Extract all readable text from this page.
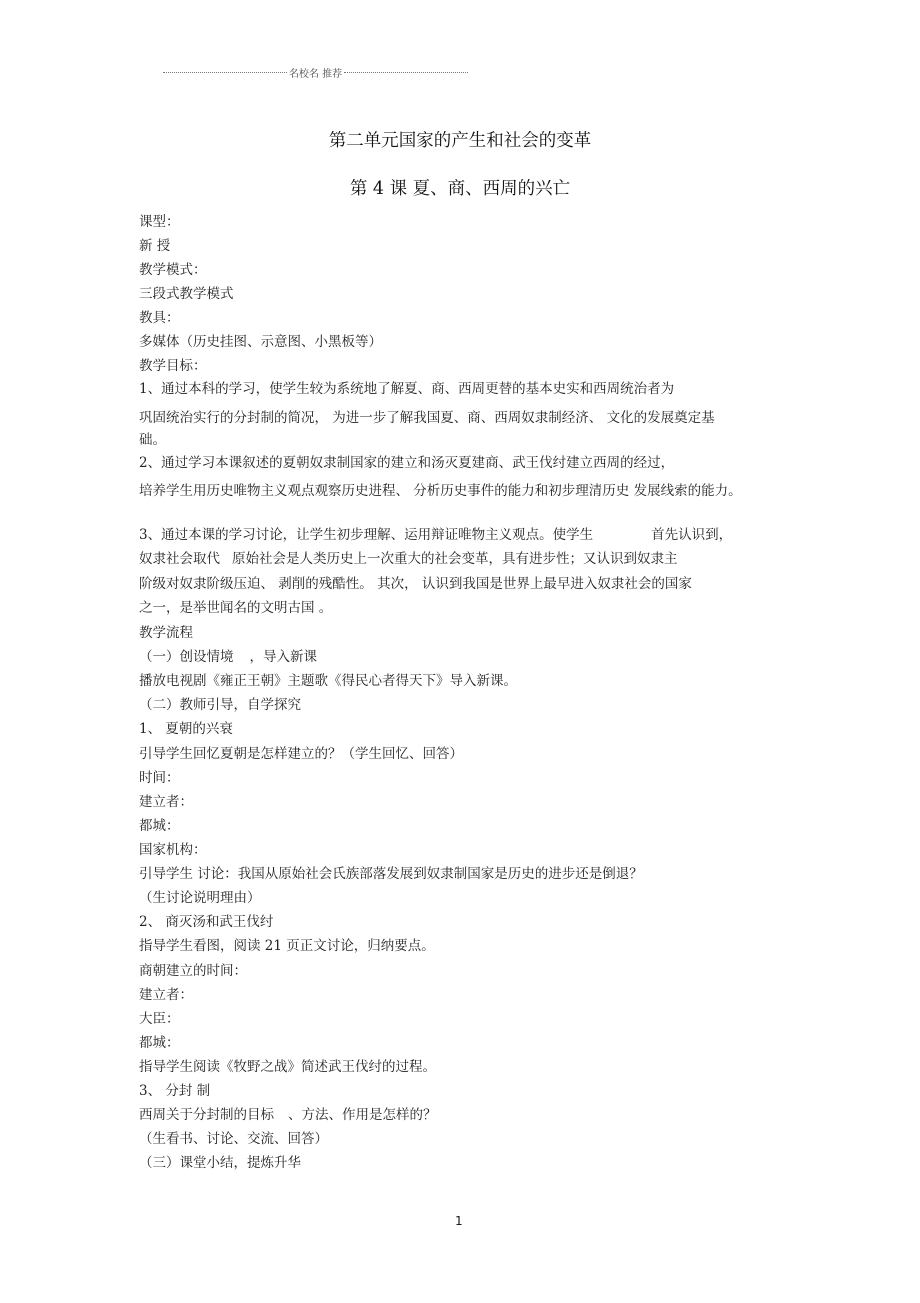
名校名 推荐
第二单元国家的产生和社会的变革
第 4 课 夏、商、西周的兴亡
课型：
新 授
教学模式：
三段式教学模式
教具：
多媒体（历史挂图、示意图、小黑板等）
教学目标：
1、通过本科的学习，使学生较为系统地了解夏、商、西周更替的基本史实和西周统治者为
巩固统治实行的分封制的简况， 为进一步了解我国夏、商、西周奴隶制经济、 文化的发展奠定基
础。
2、通过学习本课叙述的夏朝奴隶制国家的建立和汤灭夏建商、武王伐纣建立西周的经过，
培养学生用历史唯物主义观点观察历史进程、 分析历史事件的能力和初步理清历史 发展线索的能力。
3、通过本课的学习讨论，让学生初步理解、运用辩证唯物主义观点。使学生	首先认识到，
奴隶社会取代 原始社会是人类历史上一次重大的社会变革，具有进步性；又认识到奴隶主
阶级对奴隶阶级压迫、 剥削的残酷性。 其次， 认识到我国是世界上最早进入奴隶社会的国家
之一，是举世闻名的文明古国 。
教学流程
（一）创设情境 ，导入新课
播放电视剧《雍正王朝》主题歌《得民心者得天下》导入新课。
（二）教师引导，自学探究
1、 夏朝的兴衰
引导学生回忆夏朝是怎样建立的？（学生回忆、回答）
时间：
建立者：
都城：
国家机构：
引导学生 讨论：我国从原始社会氏族部落发展到奴隶制国家是历史的进步还是倒退？
（生讨论说明理由）
2、 商灭汤和武王伐纣
指导学生看图，阅读 21 页正文讨论，归纳要点。
商朝建立的时间：
建立者：
大臣：
都城：
指导学生阅读《牧野之战》简述武王伐纣的过程。
3、 分封 制
西周关于分封制的目标 、方法、作用是怎样的？
（生看书、讨论、交流、回答）
（三）课堂小结，提炼升华
1
